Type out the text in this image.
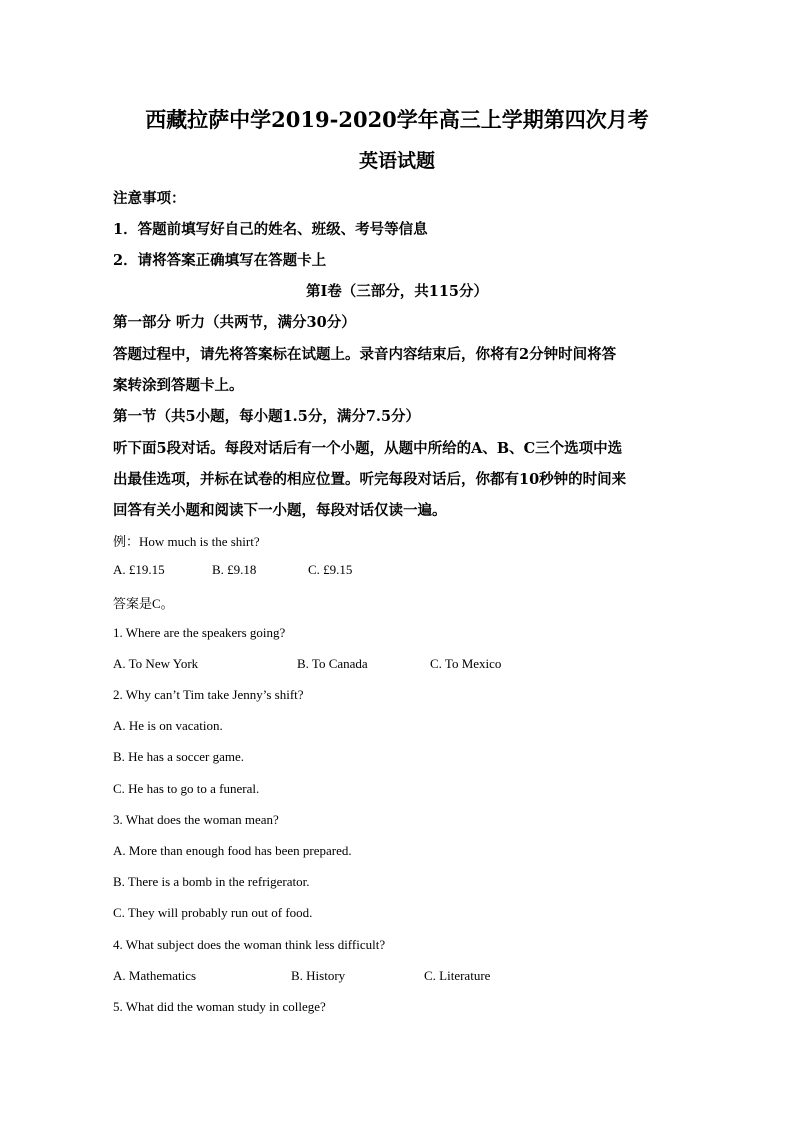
西藏拉萨中学2019-2020学年高三上学期第四次月考
英语试题
注意事项：
1．答题前填写好自己的姓名、班级、考号等信息
2．请将答案正确填写在答题卡上
第I卷（三部分，共115分）
第一部分 听力（共两节，满分30分）
答题过程中，请先将答案标在试题上。录音内容结束后，你将有2分钟时间将答
案转涂到答题卡上。
第一节（共5小题，每小题1.5分，满分7.5分）
听下面5段对话。每段对话后有一个小题，从题中所给的A、B、C三个选项中选
出最佳选项，并标在试卷的相应位置。听完每段对话后，你都有10秒钟的时间来
回答有关小题和阅读下一小题，每段对话仅读一遍。
例：How much is the shirt?
A. £19.15	B. £9.18	C. £9.15
答案是C。
1. Where are the speakers going?
A. To New York	B. To Canada	C. To Mexico
2. Why can’t Tim take Jenny’s shift?
A. He is on vacation.
B. He has a soccer game.
C. He has to go to a funeral.
3. What does the woman mean?
A. More than enough food has been prepared.
B. There is a bomb in the refrigerator.
C. They will probably run out of food.
4. What subject does the woman think less difficult?
A. Mathematics	B. History	C. Literature
5. What did the woman study in college?
